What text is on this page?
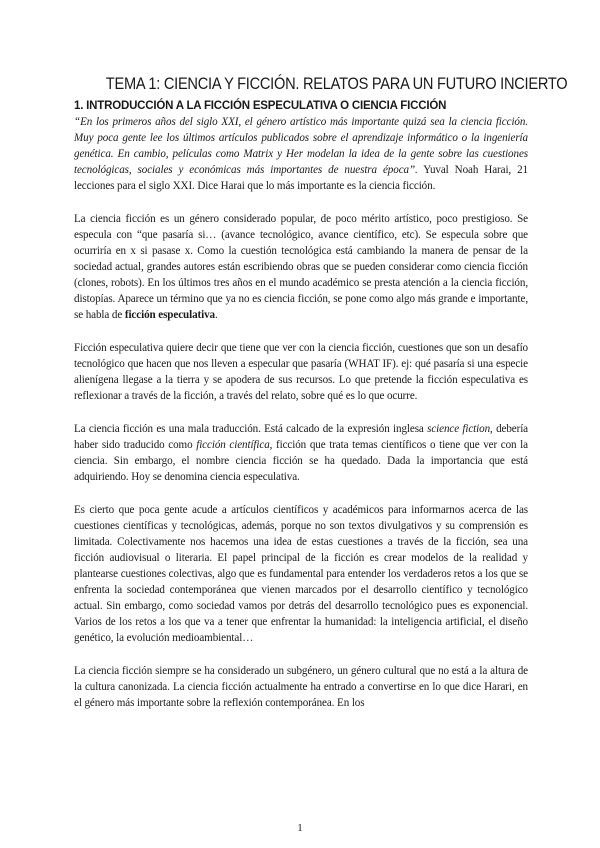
TEMA 1: CIENCIA Y FICCIÓN. RELATOS PARA UN FUTURO INCIERTO
1. INTRODUCCIÓN A LA FICCIÓN ESPECULATIVA O CIENCIA FICCIÓN

“En los primeros años del siglo XXI, el género artístico más importante quizá sea la ciencia ficción. Muy poca gente lee los últimos artículos publicados sobre el aprendizaje informático o la ingeniería genética. En cambio, películas como Matrix y Her modelan la idea de la gente sobre las cuestiones tecnológicas, sociales y económicas más importantes de nuestra época”. Yuval Noah Harai, 21 lecciones para el siglo XXI. Dice Harai que lo más importante es la ciencia ficción.

La ciencia ficción es un género considerado popular, de poco mérito artístico, poco prestigioso. Se especula con “que pasaría si… (avance tecnológico, avance científico, etc). Se especula sobre que ocurriría en x si pasase x. Como la cuestión tecnológica está cambiando la manera de pensar de la sociedad actual, grandes autores están escribiendo obras que se pueden considerar como ciencia ficción (clones, robots). En los últimos tres años en el mundo académico se presta atención a la ciencia ficción, distopías. Aparece un término que ya no es ciencia ficción, se pone como algo más grande e importante, se habla de ficción especulativa.

Ficción especulativa quiere decir que tiene que ver con la ciencia ficción, cuestiones que son un desafío tecnológico que hacen que nos lleven a especular que pasaría (WHAT IF). ej: qué pasaría si una especie alienígena llegase a la tierra y se apodera de sus recursos. Lo que pretende la ficción especulativa es reflexionar a través de la ficción, a través del relato, sobre qué es lo que ocurre.

La ciencia ficción es una mala traducción. Está calcado de la expresión inglesa science fiction, debería haber sido traducido como ficción científica, ficción que trata temas científicos o tiene que ver con la ciencia. Sin embargo, el nombre ciencia ficción se ha quedado. Dada la importancia que está adquiriendo. Hoy se denomina ciencia especulativa.

Es cierto que poca gente acude a artículos científicos y académicos para informarnos acerca de las cuestiones científicas y tecnológicas, además, porque no son textos divulgativos y su comprensión es limitada. Colectivamente nos hacemos una idea de estas cuestiones a través de la ficción, sea una ficción audiovisual o literaria. El papel principal de la ficción es crear modelos de la realidad y plantearse cuestiones colectivas, algo que es fundamental para entender los verdaderos retos a los que se enfrenta la sociedad contemporánea que vienen marcados por el desarrollo científico y tecnológico actual. Sin embargo, como sociedad vamos por detrás del desarrollo tecnológico pues es exponencial. Varios de los retos a los que va a tener que enfrentar la humanidad: la inteligencia artificial, el diseño genético, la evolución medioambiental…

La ciencia ficción siempre se ha considerado un subgénero, un género cultural que no está a la altura de la cultura canonizada. La ciencia ficción actualmente ha entrado a convertirse en lo que dice Harari, en el género más importante sobre la reflexión contemporánea. En los

1
